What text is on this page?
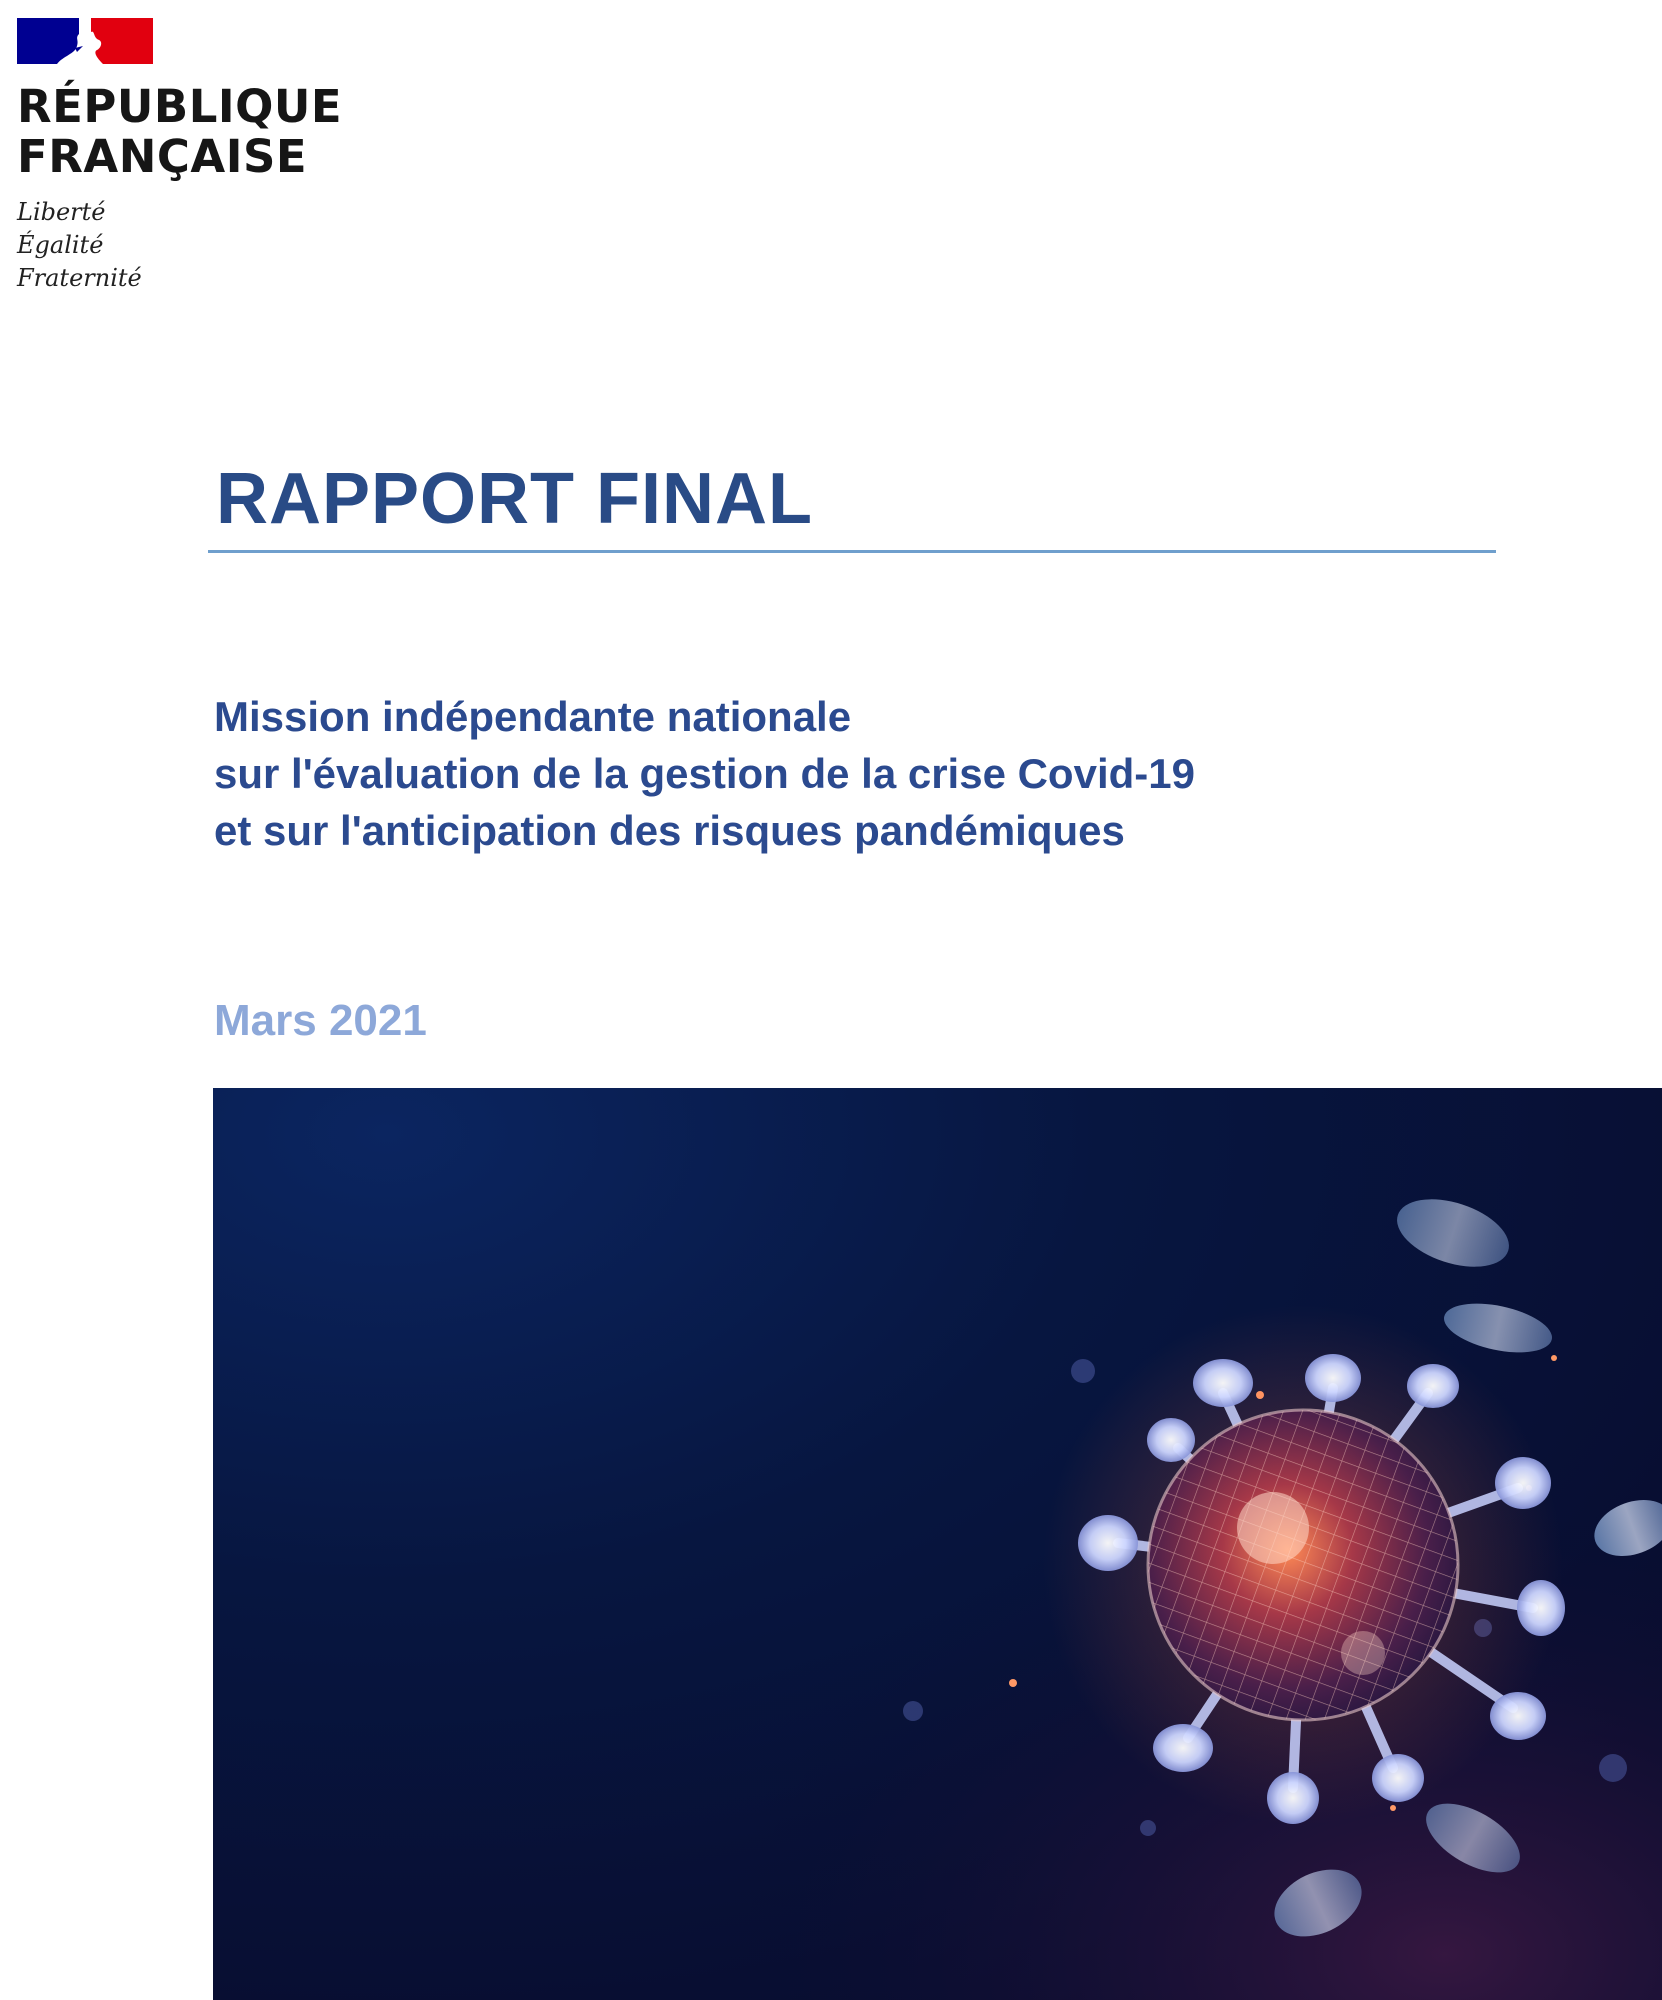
RÉPUBLIQUE
FRANÇAISE
Liberté
Égalité
Fraternité
RAPPORT FINAL
Mission indépendante nationale
sur l'évaluation de la gestion de la crise Covid-19
et sur l'anticipation des risques pandémiques
Mars 2021
